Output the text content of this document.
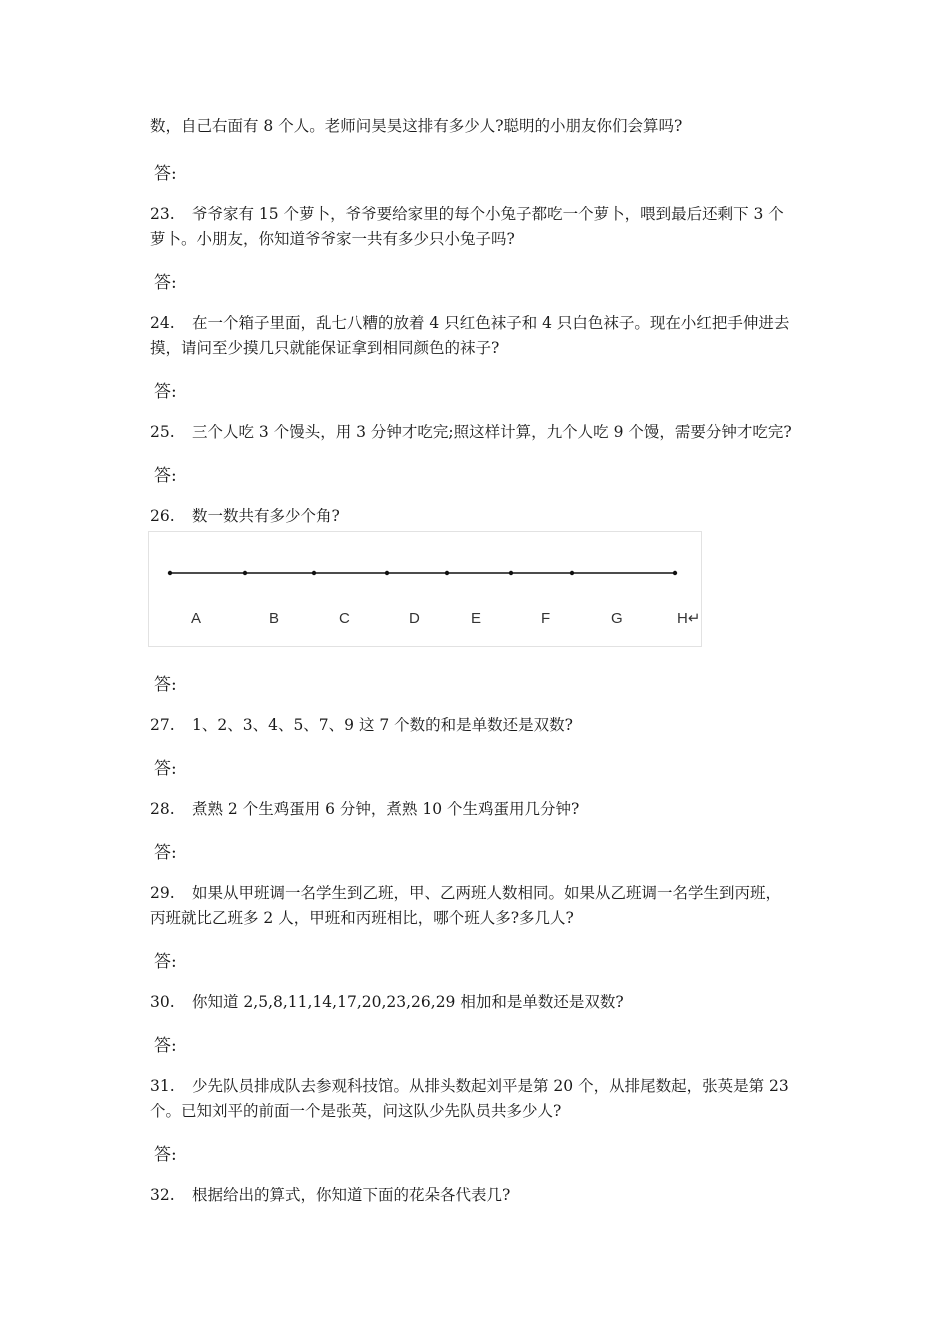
数，自己右面有 8 个人。老师问昊昊这排有多少人?聪明的小朋友你们会算吗?
答:
23. 爷爷家有 15 个萝卜，爷爷要给家里的每个小兔子都吃一个萝卜，喂到最后还剩下 3 个
萝卜。小朋友，你知道爷爷家一共有多少只小兔子吗?
答:
24. 在一个箱子里面，乱七八糟的放着 4 只红色袜子和 4 只白色袜子。现在小红把手伸进去
摸，请问至少摸几只就能保证拿到相同颜色的袜子?
答:
25. 三个人吃 3 个馒头，用 3 分钟才吃完;照这样计算，九个人吃 9 个馒，需要分钟才吃完?
答:
26. 数一数共有多少个角?
A	B	C	D	E	F	G	H↵
答:
27. 1、2、3、4、5、7、9 这 7 个数的和是单数还是双数?
答:
28. 煮熟 2 个生鸡蛋用 6 分钟，煮熟 10 个生鸡蛋用几分钟?
答:
29. 如果从甲班调一名学生到乙班，甲、乙两班人数相同。如果从乙班调一名学生到丙班，
丙班就比乙班多 2 人，甲班和丙班相比，哪个班人多?多几人?
答:
30. 你知道 2,5,8,11,14,17,20,23,26,29 相加和是单数还是双数?
答:
31. 少先队员排成队去参观科技馆。从排头数起刘平是第 20 个，从排尾数起，张英是第 23
个。已知刘平的前面一个是张英，问这队少先队员共多少人?
答:
32. 根据给出的算式，你知道下面的花朵各代表几?
